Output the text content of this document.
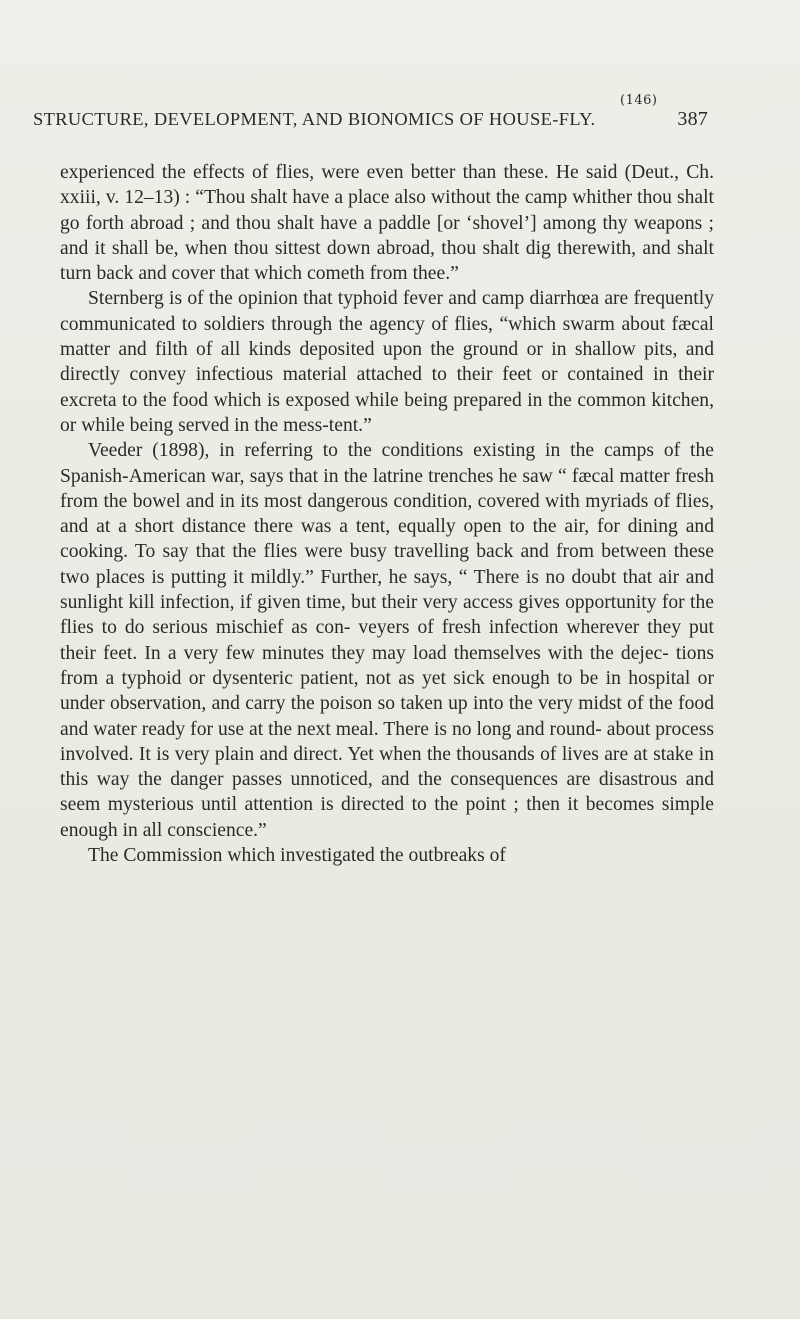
(146)
STRUCTURE, DEVELOPMENT, AND BIONOMICS OF HOUSE-FLY.	387

experienced the effects of flies, were even better than these. He said (Deut., Ch. xxiii, v. 12–13) : “Thou shalt have a place also without the camp whither thou shalt go forth abroad ; and thou shalt have a paddle [or ‘shovel’] among thy weapons ; and it shall be, when thou sittest down abroad, thou shalt dig therewith, and shalt turn back and cover that which cometh from thee.”

Sternberg is of the opinion that typhoid fever and camp diarrhœa are frequently communicated to soldiers through the agency of flies, “which swarm about fæcal matter and filth of all kinds deposited upon the ground or in shallow pits, and directly convey infectious material attached to their feet or contained in their excreta to the food which is exposed while being prepared in the common kitchen, or while being served in the mess-tent.”

Veeder (1898), in referring to the conditions existing in the camps of the Spanish-American war, says that in the latrine trenches he saw “ fæcal matter fresh from the bowel and in its most dangerous condition, covered with myriads of flies, and at a short distance there was a tent, equally open to the air, for dining and cooking. To say that the flies were busy travelling back and from between these two places is putting it mildly.” Further, he says, “ There is no doubt that air and sunlight kill infection, if given time, but their very access gives opportunity for the flies to do serious mischief as con- veyers of fresh infection wherever they put their feet. In a very few minutes they may load themselves with the dejec- tions from a typhoid or dysenteric patient, not as yet sick enough to be in hospital or under observation, and carry the poison so taken up into the very midst of the food and water ready for use at the next meal. There is no long and round- about process involved. It is very plain and direct. Yet when the thousands of lives are at stake in this way the danger passes unnoticed, and the consequences are disastrous and seem mysterious until attention is directed to the point ; then it becomes simple enough in all conscience.”

The Commission which investigated the outbreaks of
